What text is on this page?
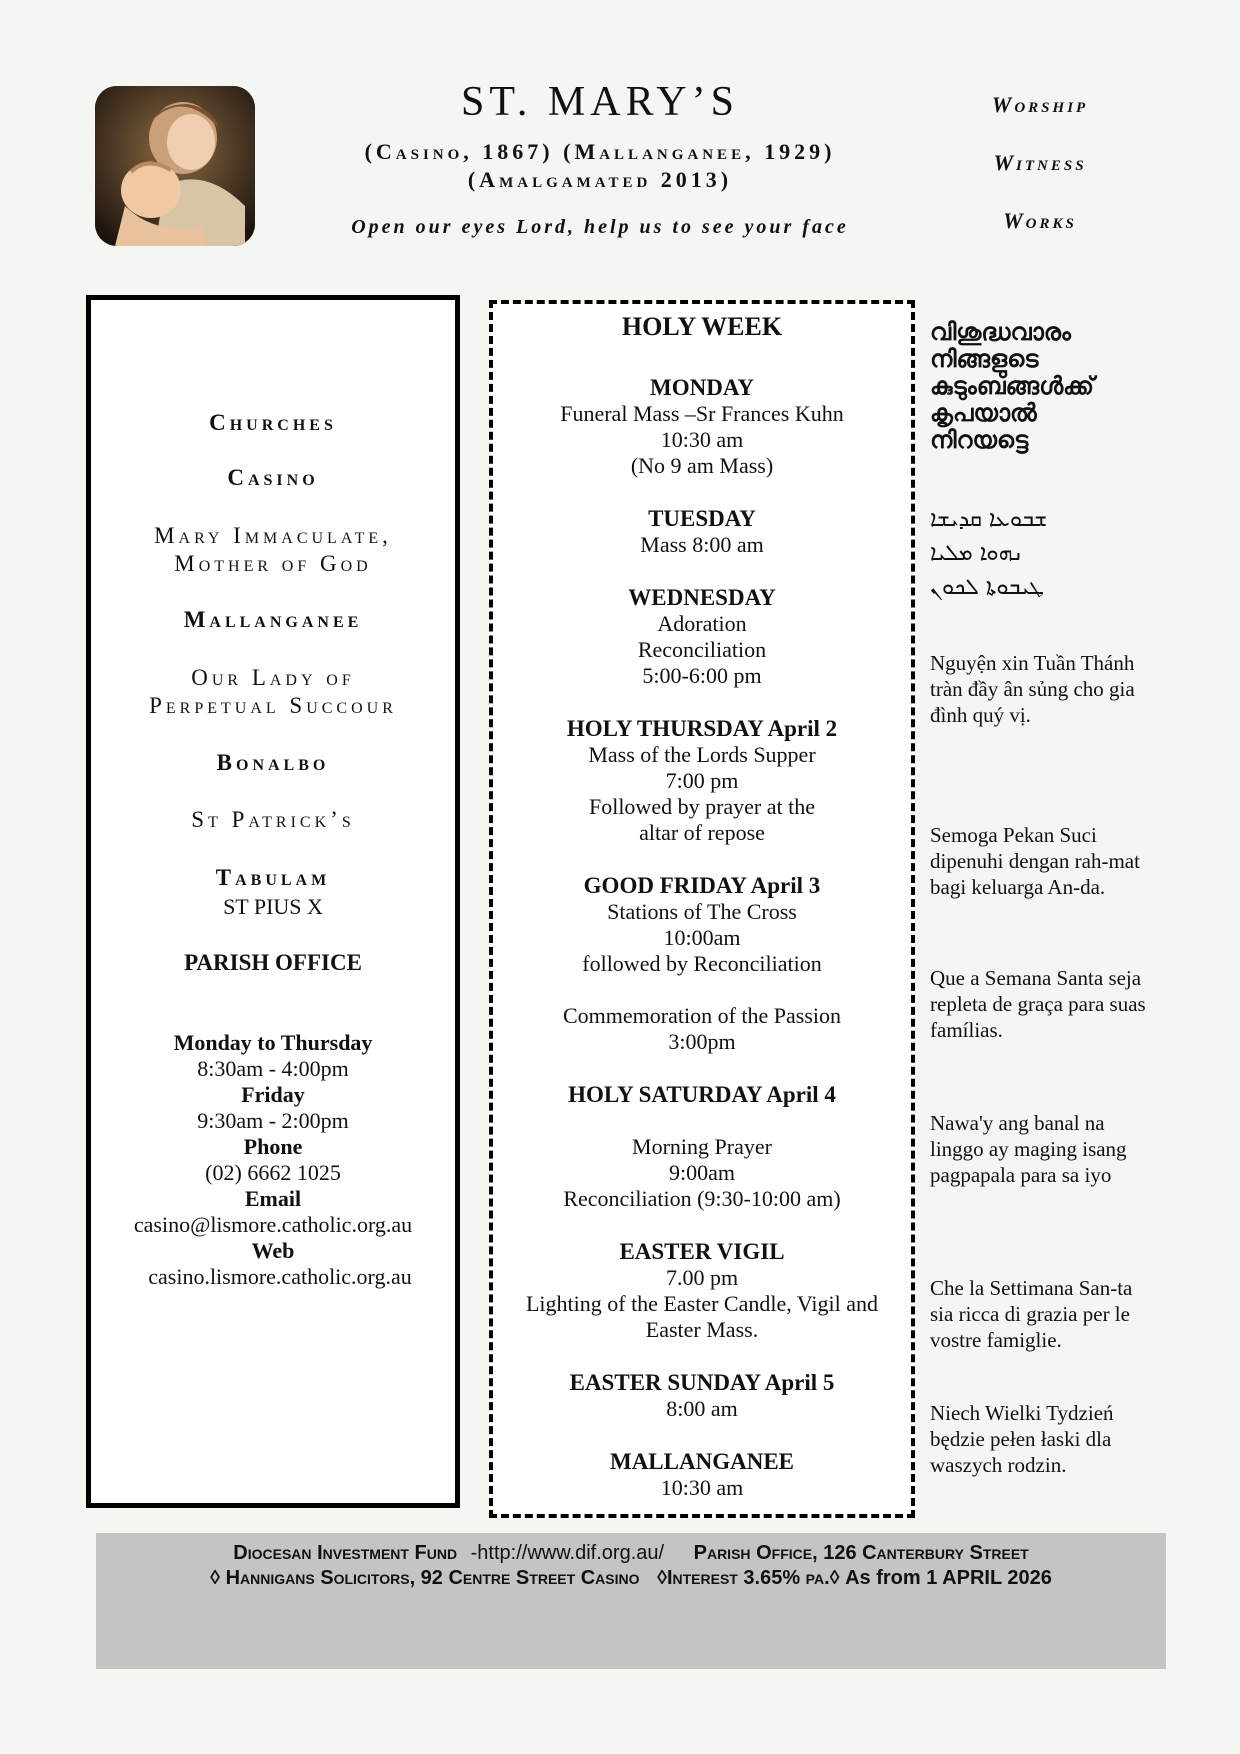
ST. MARY’S
(Casino, 1867) (Mallanganee, 1929)
(Amalgamated 2013)
Open our eyes Lord, help us to see your face
Worship
Witness
Works
Churches
Casino
Mary Immaculate,
Mother of God
Mallanganee
Our Lady of
Perpetual Succour
Bonalbo
St Patrick’s
Tabulam
ST PIUS X
PARISH OFFICE
Monday to Thursday
8:30am - 4:00pm
Friday
9:30am - 2:00pm
Phone
(02) 6662 1025
Email
casino@lismore.catholic.org.au
Web
casino.lismore.catholic.org.au
HOLY WEEK
MONDAY
Funeral Mass –Sr Frances Kuhn
10:30 am
(No 9 am Mass)
TUESDAY
Mass 8:00 am
WEDNESDAY
Adoration
Reconciliation
5:00-6:00 pm
HOLY THURSDAY April 2
Mass of the Lords Supper
7:00 pm
Followed by prayer at the
altar of repose
GOOD FRIDAY April 3
Stations of The Cross
10:00am
followed by Reconciliation
Commemoration of the Passion
3:00pm
HOLY SATURDAY April 4
Morning Prayer
9:00am
Reconciliation (9:30-10:00 am)
EASTER VIGIL
7.00 pm
Lighting of the Easter Candle, Vigil and
Easter Mass.
EASTER SUNDAY April 5
8:00 am
MALLANGANEE
10:30 am
വിശുദ്ധവാരം നിങ്ങളുടെ കുടുംബങ്ങൾക്ക് കൃപയാൽ നിറയട്ടെ
ܫܒܘܥܐ ܩܕܝܫܐ
ܢܗܘܐ ܡܠܝܐ
ܛܝܒܘܬܐ ܠܟܘܢ
Nguyện xin Tuần Thánh tràn đầy ân sủng cho gia đình quý vị.
Semoga Pekan Suci dipenuhi dengan rah-mat bagi keluarga An-da.
Que a Semana Santa seja repleta de graça para suas famílias.
Nawa'y ang banal na linggo ay maging isang pagpapala para sa iyo
Che la Settimana San-ta sia ricca di grazia per le vostre famiglie.
Niech Wielki Tydzień będzie pełen łaski dla waszych rodzin.
Diocesan Investment Fund -http://www.dif.org.au/ Parish Office, 126 Canterbury Street
◊ Hannigans Solicitors, 92 Centre Street Casino ◊Interest 3.65% pa.◊ As from 1 APRIL 2026
